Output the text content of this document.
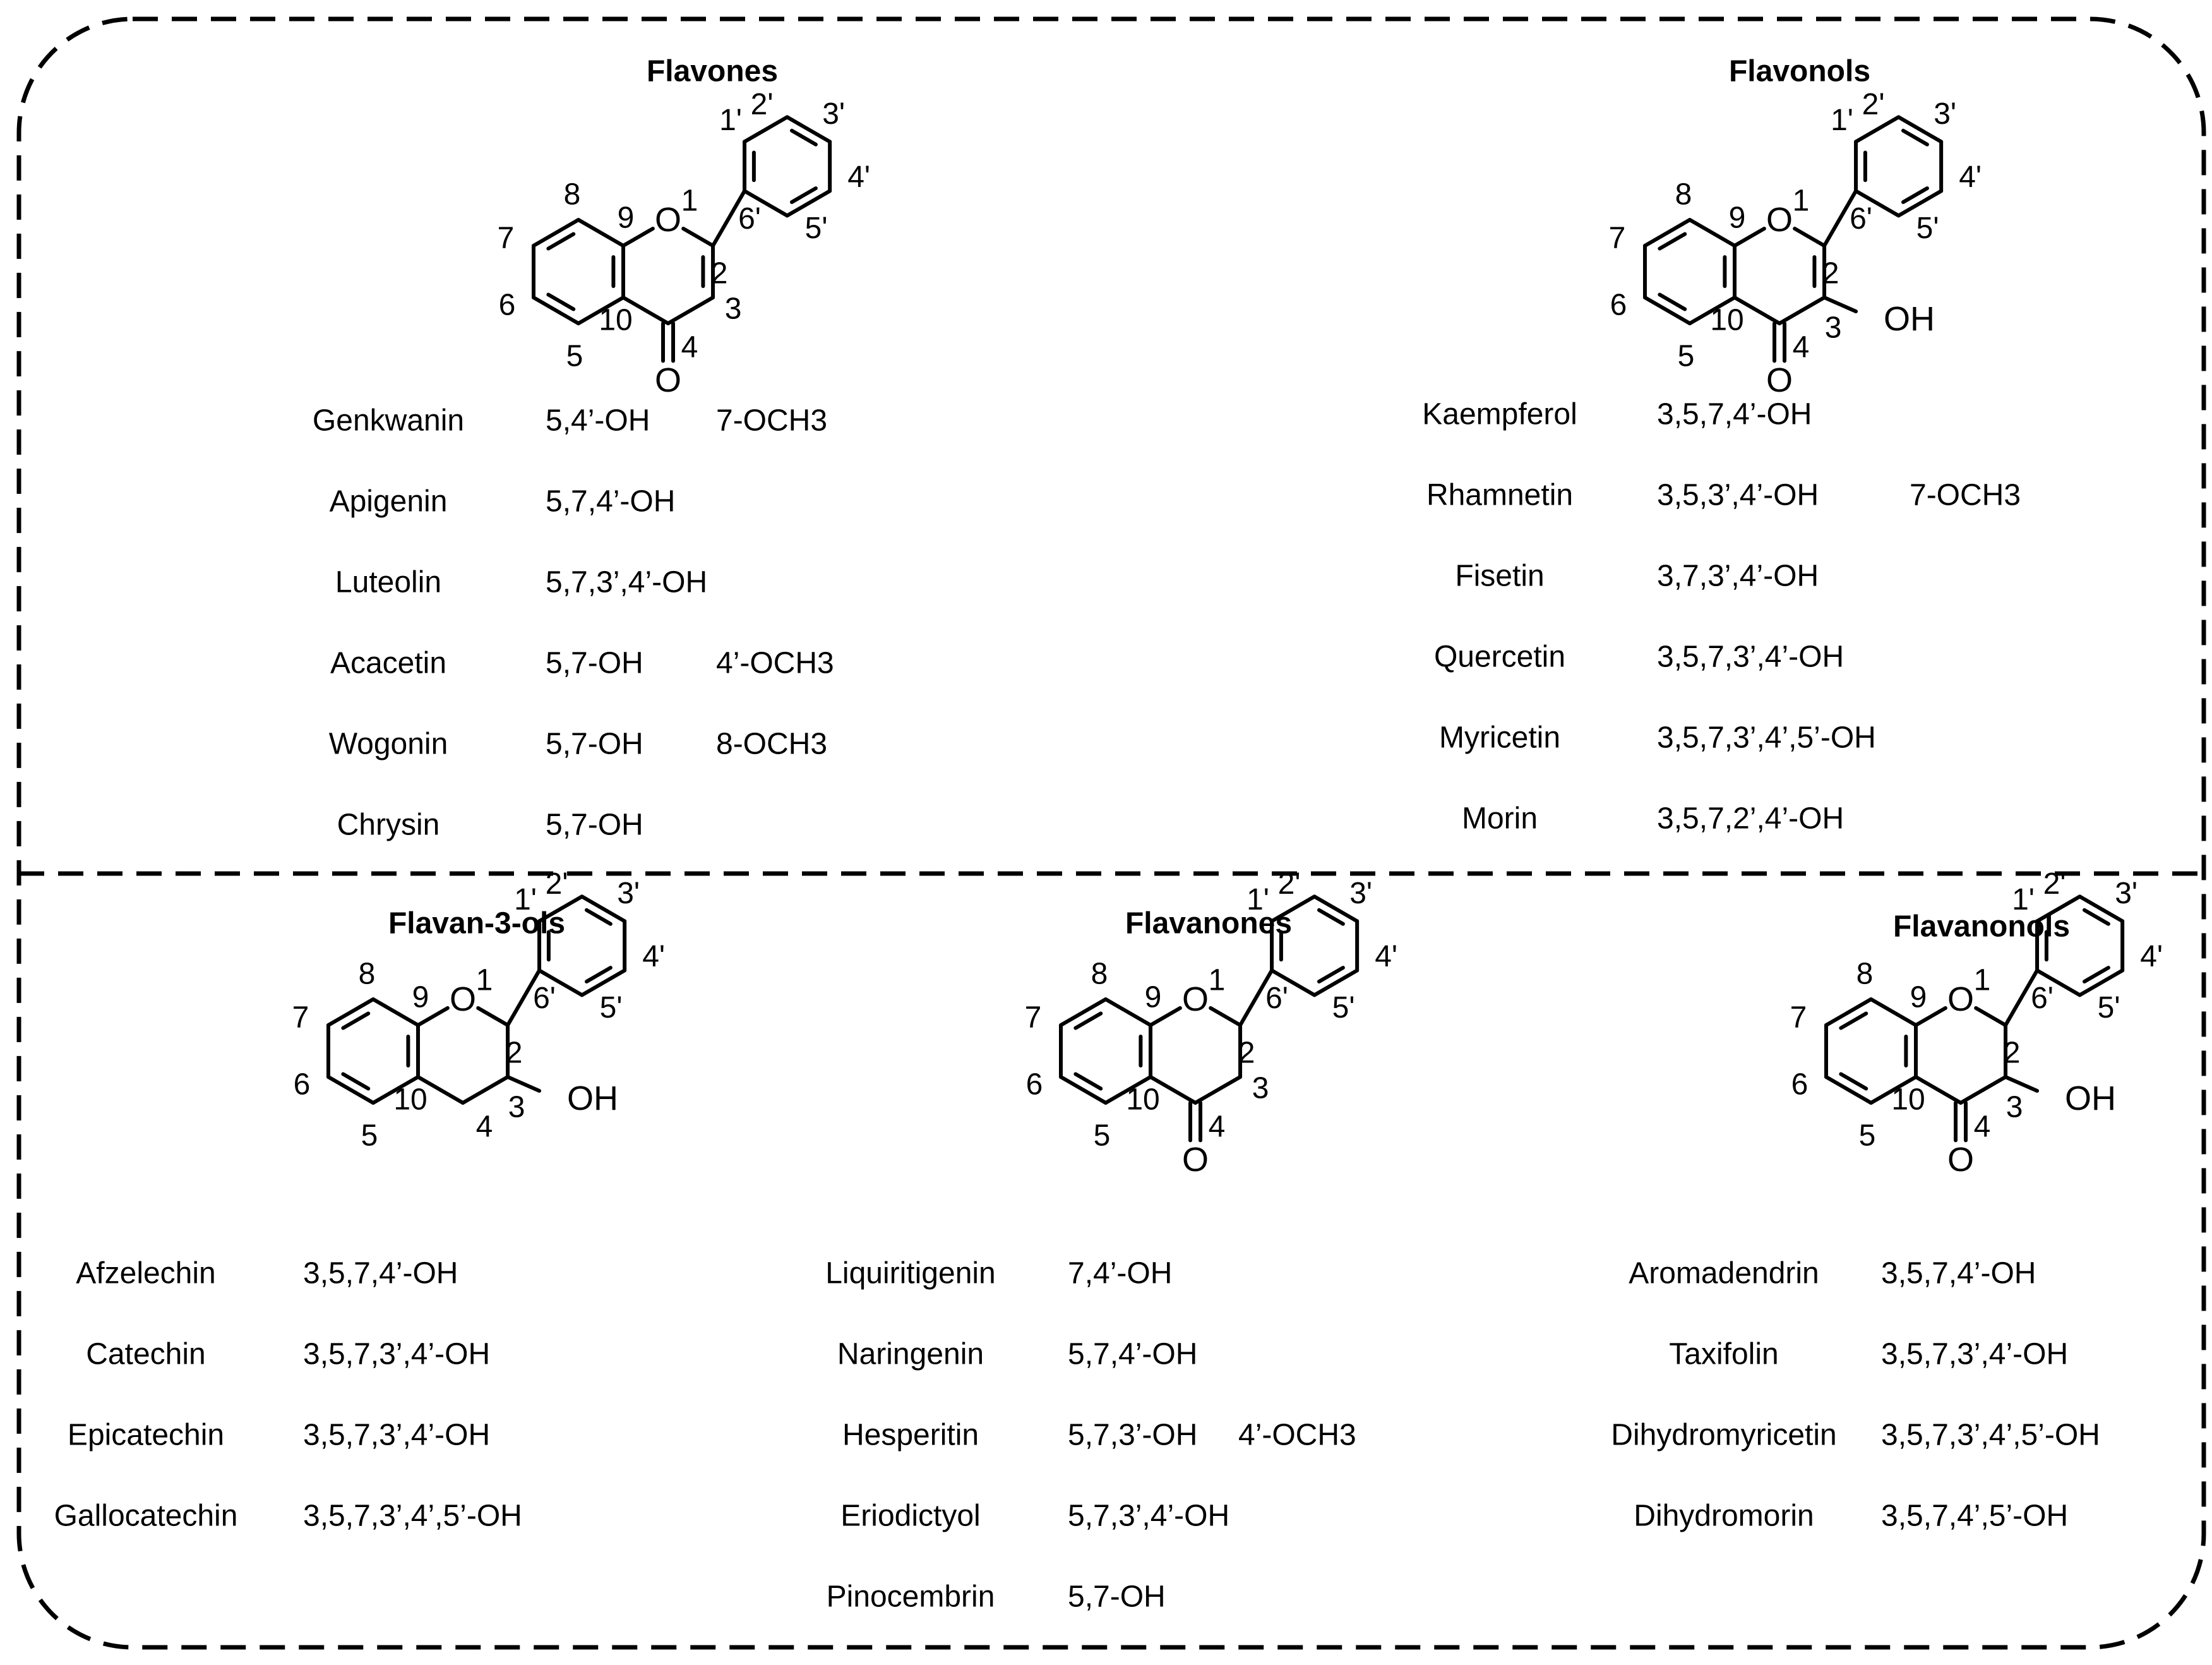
O
O
8
9
1
7
6
5
10
4
2
3
1' 2' 3'
4'
5'
6'
Flavones
Genkwanin	5,4’-OH 7-OCH3
Apigenin	5,7,4’-OH
Luteolin	5,7,3’,4’-OH
Acacetin	5,7-OH 4’-OCH3
Wogonin	5,7-OH 8-OCH3
Chrysin	5,7-OH
O
OH
O
8
9
1
7
6
5
10
4
2
3
1' 2' 3'
4'
5'
6'
Flavonols
Kaempferol	3,5,7,4’-OH
Rhamnetin	3,5,3’,4’-OH	7-OCH3
Fisetin	3,7,3’,4’-OH
Quercetin	3,5,7,3’,4’-OH
Myricetin	3,5,7,3’,4’,5’-OH
Morin	3,5,7,2’,4’-OH
OH
O
8
9
1
7
6
5
10
4
2
3
1' 2' 3'
4'
5'
6'
Flavan-3-ols
Afzelechin	3,5,7,4’-OH
Catechin	3,5,7,3’,4’-OH
Epicatechin	3,5,7,3’,4’-OH
Gallocatechin 3,5,7,3’,4’,5’-OH
O
O
8
9
1
7
6
5
10
4
2
3
1' 2' 3'
4'
5'
6'
Flavanones
Liquiritigenin 7,4’-OH
Naringenin	5,7,4’-OH
Hesperitin	5,7,3’-OH 4’-OCH3
Eriodictyol	5,7,3’,4’-OH
Pinocembrin 5,7-OH
O
OH
O
8
9
1
7
6
5
10
4
2
3
1' 2' 3'
4'
5'
6'
Flavanonols
Aromadendrin 3,5,7,4’-OH
Taxifolin	3,5,7,3’,4’-OH
Dihydromyricetin 3,5,7,3’,4’,5’-OH
Dihydromorin 3,5,7,4’,5’-OH
